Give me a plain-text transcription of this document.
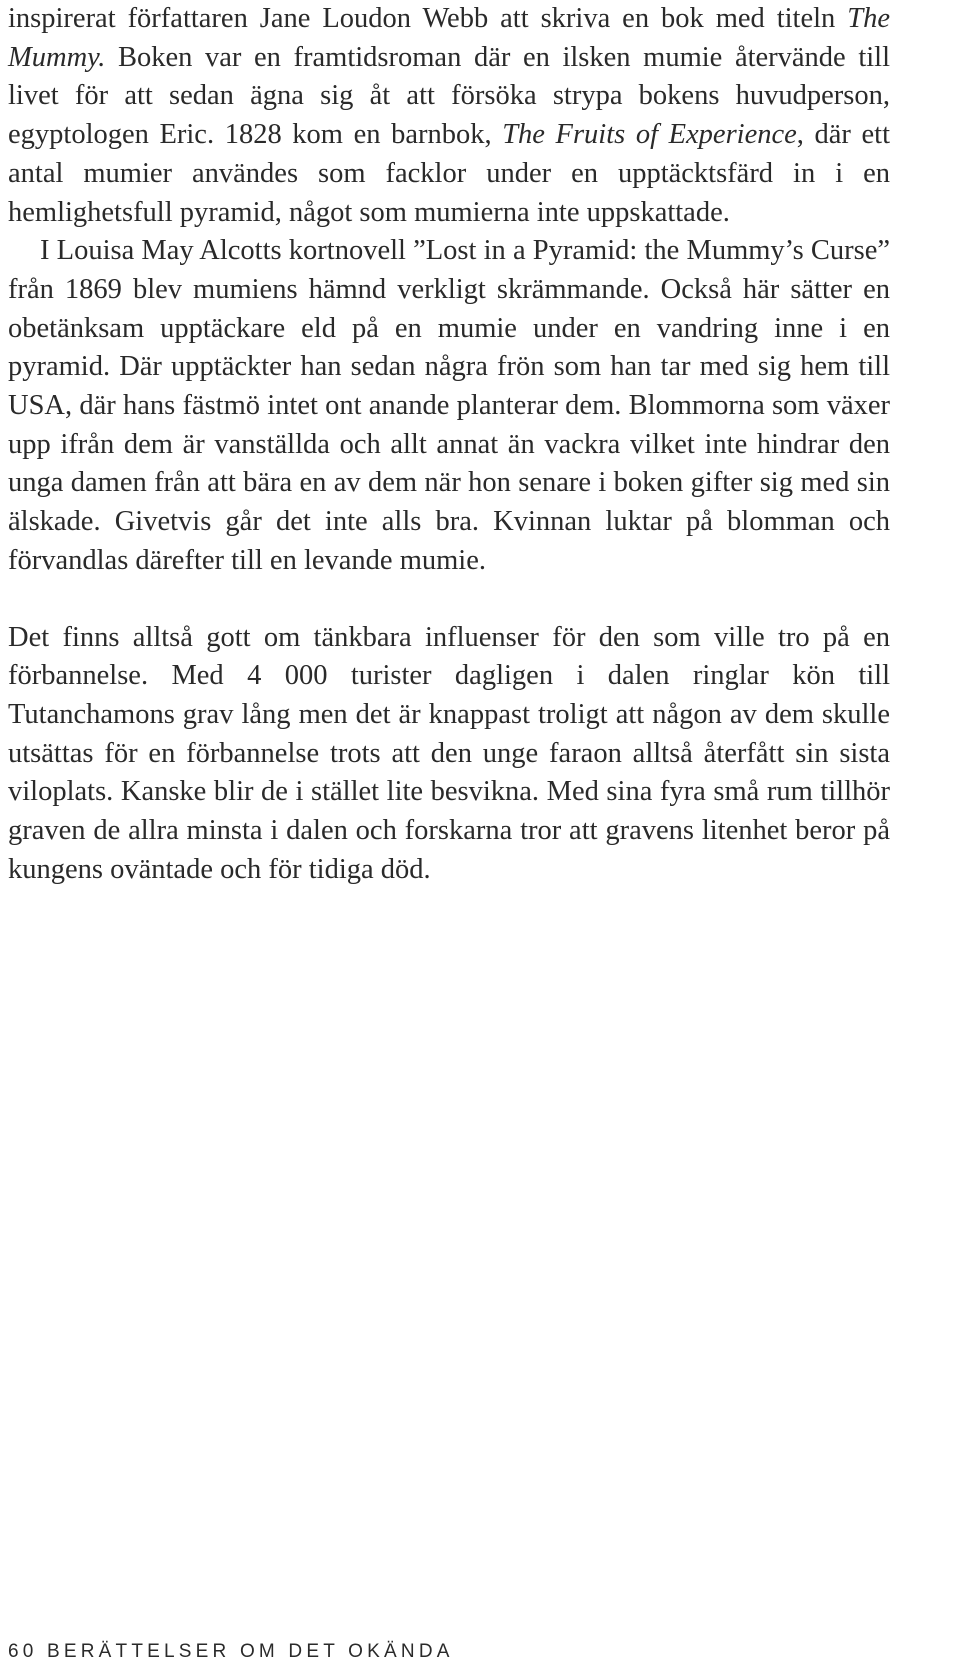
inspirerat författaren Jane Loudon Webb att skriva en bok med titeln The Mummy. Boken var en framtidsroman där en ilsken mumie återvände till livet för att sedan ägna sig åt att försöka strypa bokens huvudperson, egyptologen Eric. 1828 kom en barnbok, The Fruits of Experience, där ett antal mumier användes som facklor under en upptäcktsfärd in i en hemlighetsfull pyramid, något som mumierna inte uppskattade.

I Louisa May Alcotts kortnovell ”Lost in a Pyramid: the Mummy’s Curse” från 1869 blev mumiens hämnd verkligt skrämmande. Också här sätter en obetänksam upptäckare eld på en mumie under en vandring inne i en pyramid. Där upptäckter han sedan några frön som han tar med sig hem till USA, där hans fästmö intet ont anande planterar dem. Blommorna som växer upp ifrån dem är vanställda och allt annat än vackra vilket inte hindrar den unga damen från att bära en av dem när hon senare i boken gifter sig med sin älskade. Givetvis går det inte alls bra. Kvinnan luktar på blomman och förvandlas därefter till en levande mumie.

Det finns alltså gott om tänkbara influenser för den som ville tro på en förbannelse. Med 4 000 turister dagligen i dalen ringlar kön till Tutanchamons grav lång men det är knappast troligt att någon av dem skulle utsättas för en förbannelse trots att den unge faraon alltså återfått sin sista viloplats. Kanske blir de i stället lite besvikna. Med sina fyra små rum tillhör graven de allra minsta i dalen och forskarna tror att gravens litenhet beror på kungens oväntade och för tidiga död.

60 BERÄTTELSER OM DET OKÄNDA
